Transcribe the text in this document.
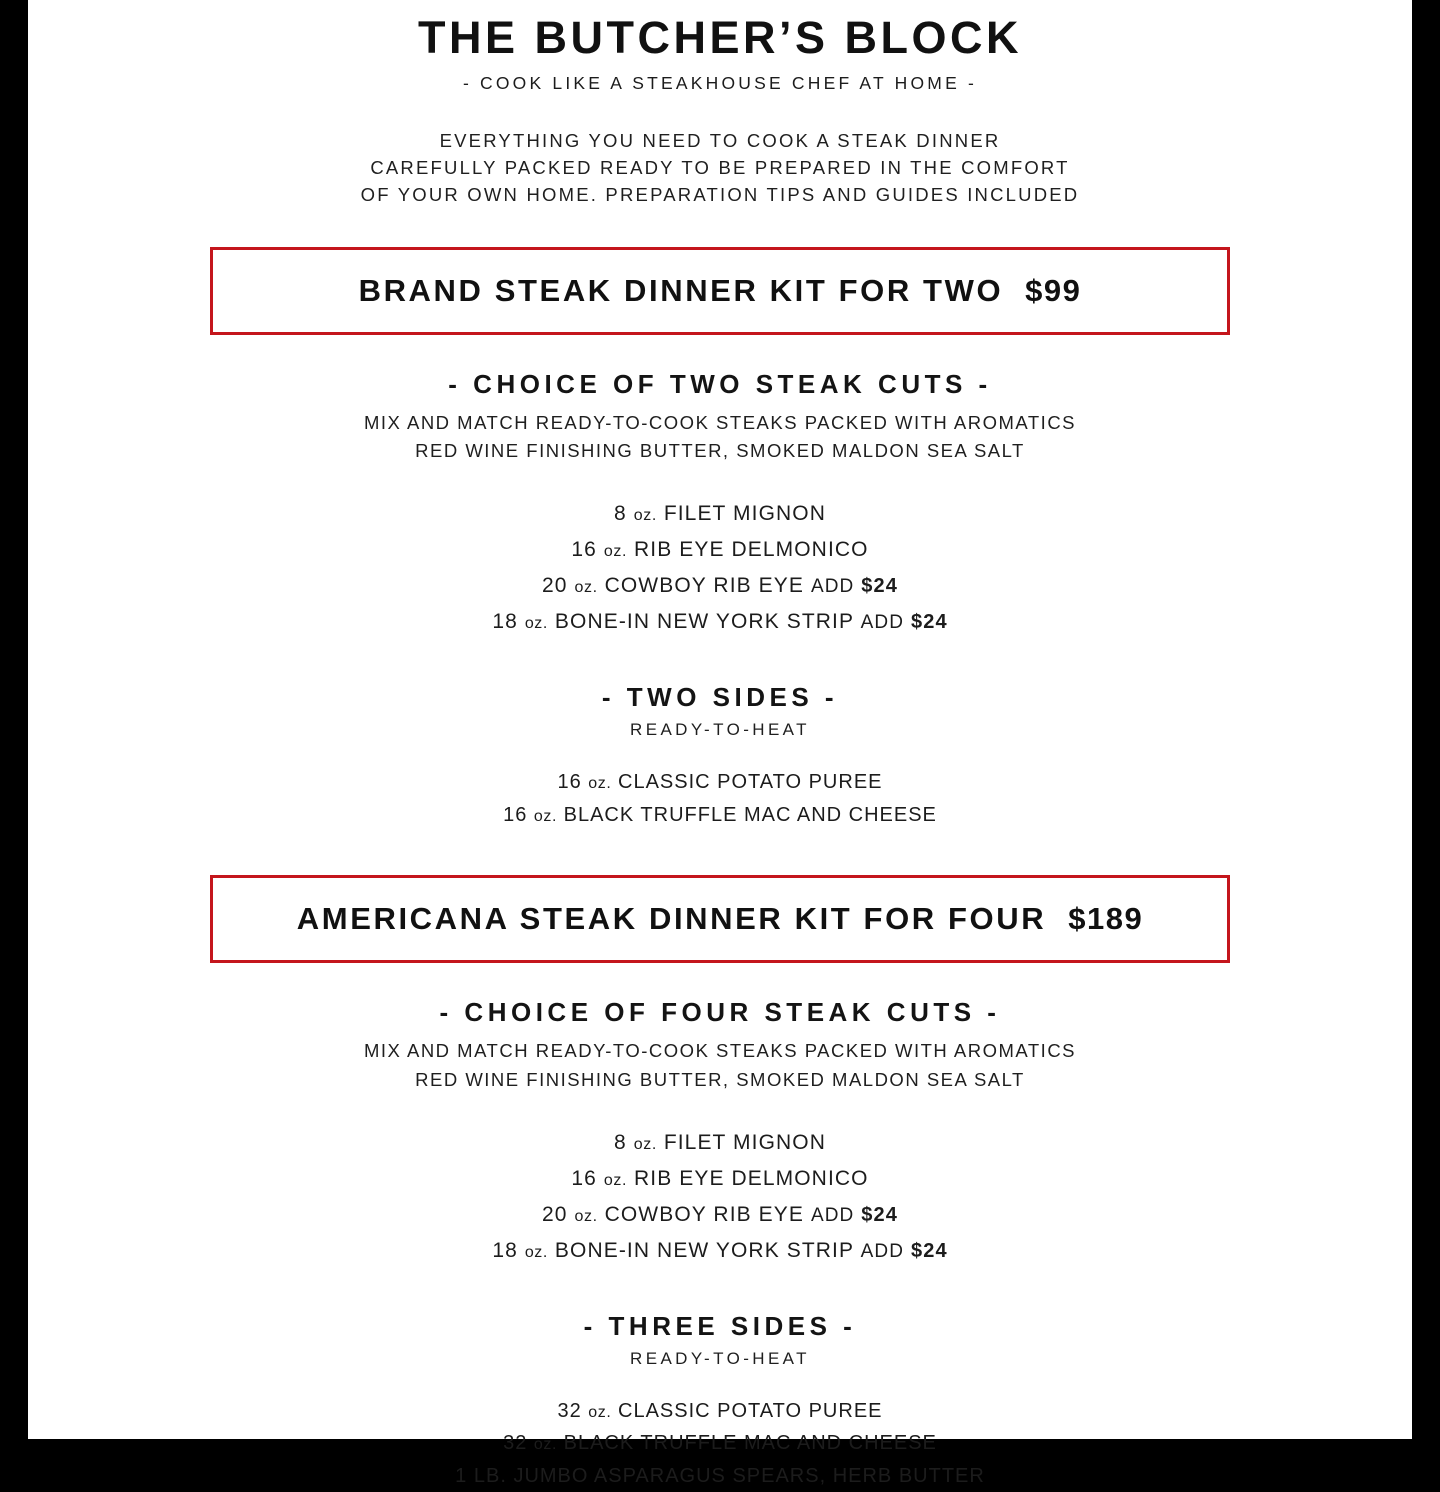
THE BUTCHER’S BLOCK
- COOK LIKE A STEAKHOUSE CHEF AT HOME -
EVERYTHING YOU NEED TO COOK A STEAK DINNER
CAREFULLY PACKED READY TO BE PREPARED IN THE COMFORT
OF YOUR OWN HOME. PREPARATION TIPS AND GUIDES INCLUDED
BRAND STEAK DINNER KIT FOR TWO $99
- CHOICE OF TWO STEAK CUTS -
MIX AND MATCH READY-TO-COOK STEAKS PACKED WITH AROMATICS
RED WINE FINISHING BUTTER, SMOKED MALDON SEA SALT
8 oz. FILET MIGNON
16 oz. RIB EYE DELMONICO
20 oz. COWBOY RIB EYE ADD $24
18 oz. BONE-IN NEW YORK STRIP ADD $24
- TWO SIDES -
READY-TO-HEAT
16 oz. CLASSIC POTATO PUREE
16 oz. BLACK TRUFFLE MAC AND CHEESE
AMERICANA STEAK DINNER KIT FOR FOUR $189
- CHOICE OF FOUR STEAK CUTS -
MIX AND MATCH READY-TO-COOK STEAKS PACKED WITH AROMATICS
RED WINE FINISHING BUTTER, SMOKED MALDON SEA SALT
8 oz. FILET MIGNON
16 oz. RIB EYE DELMONICO
20 oz. COWBOY RIB EYE ADD $24
18 oz. BONE-IN NEW YORK STRIP ADD $24
- THREE SIDES -
READY-TO-HEAT
32 oz. CLASSIC POTATO PUREE
32 oz. BLACK TRUFFLE MAC AND CHEESE
1 LB. JUMBO ASPARAGUS SPEARS, HERB BUTTER
